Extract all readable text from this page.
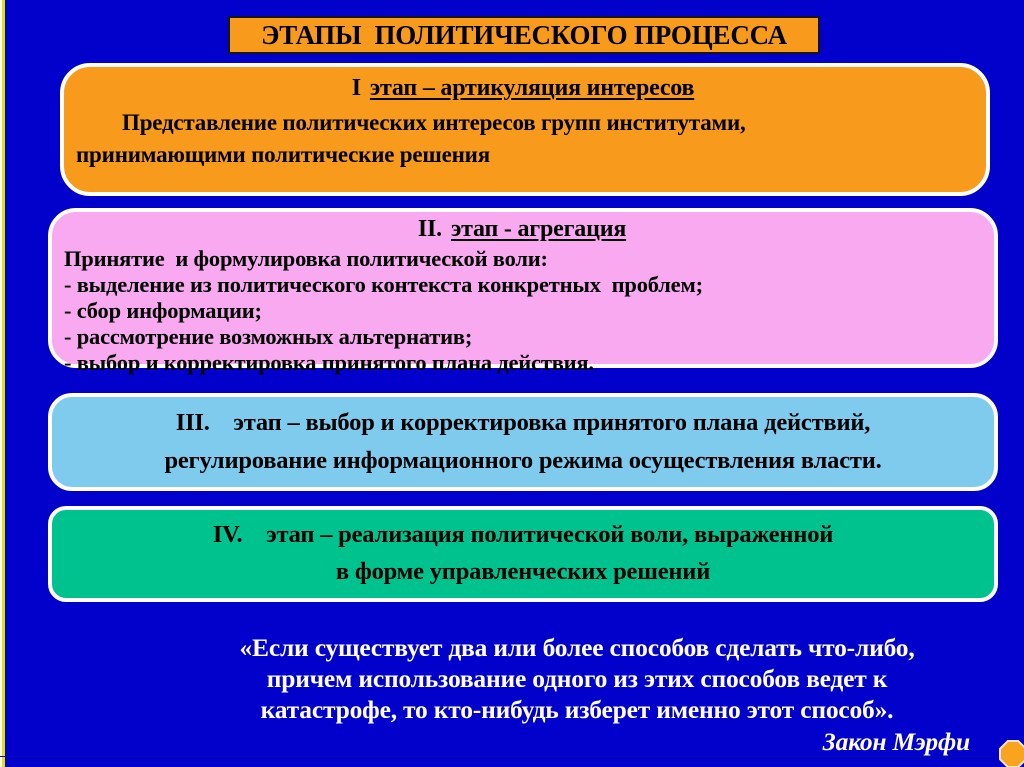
ЭТАПЫ  ПОЛИТИЧЕСКОГО ПРОЦЕССА
I этап – артикуляция интересов
Представление политических интересов групп институтами,
принимающими политические решения
II. этап - агрегация
Принятие  и формулировка политической воли:
- выделение из политического контекста конкретных  проблем;
- сбор информации;
- рассмотрение возможных альтернатив;
- выбор и корректировка принятого плана действия.
III.    этап – выбор и корректировка принятого плана действий,
регулирование информационного режима осуществления власти.
IV.    этап – реализация политической воли, выраженной
в форме управленческих решений
«Если существует два или более способов сделать что-либо,
причем использование одного из этих способов ведет к
катастрофе, то кто-нибудь изберет именно этот способ».
Закон Мэрфи
